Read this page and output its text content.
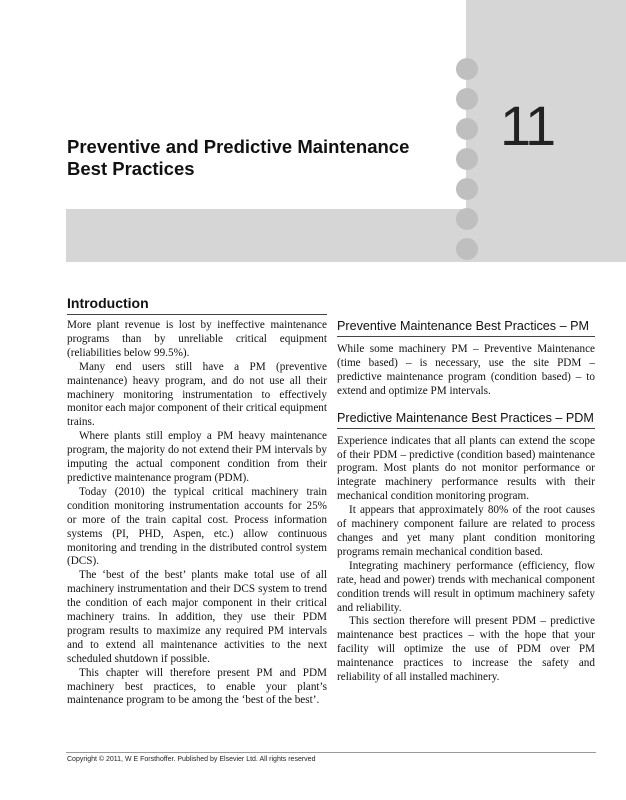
11
Preventive and Predictive Maintenance Best Practices
Introduction

More plant revenue is lost by ineffective maintenance programs than by unreliable critical equipment (reliabilities below 99.5%).

Many end users still have a PM (preventive maintenance) heavy program, and do not use all their machinery monitoring instrumentation to effectively monitor each major component of their critical equipment trains.

Where plants still employ a PM heavy maintenance program, the majority do not extend their PM intervals by imputing the actual component condition from their predictive maintenance program (PDM).

Today (2010) the typical critical machinery train condition monitoring instrumentation accounts for 25% or more of the train capital cost. Process information systems (PI, PHD, Aspen, etc.) allow continuous monitoring and trending in the distributed control system (DCS).

The ‘best of the best’ plants make total use of all machinery instrumentation and their DCS system to trend the condition of each major component in their critical machinery trains. In addition, they use their PDM program results to maximize any required PM intervals and to extend all maintenance activities to the next scheduled shutdown if possible.

This chapter will therefore present PM and PDM machinery best practices, to enable your plant’s maintenance program to be among the ‘best of the best’.

Preventive Maintenance Best Practices – PM

While some machinery PM – Preventive Maintenance (time based) – is necessary, use the site PDM – predictive maintenance program (condition based) – to extend and optimize PM intervals.

Predictive Maintenance Best Practices – PDM

Experience indicates that all plants can extend the scope of their PDM – predictive (condition based) maintenance program. Most plants do not monitor performance or integrate machinery performance results with their mechanical condition monitoring program.

It appears that approximately 80% of the root causes of machinery component failure are related to process changes and yet many plant condition monitoring programs remain mechanical condition based.

Integrating machinery performance (efficiency, flow rate, head and power) trends with mechanical component condition trends will result in optimum machinery safety and reliability.

This section therefore will present PDM – predictive maintenance best practices – with the hope that your facility will optimize the use of PDM over PM maintenance practices to increase the safety and reliability of all installed machinery.

Copyright © 2011, W E Forsthoffer. Published by Elsevier Ltd. All rights reserved
